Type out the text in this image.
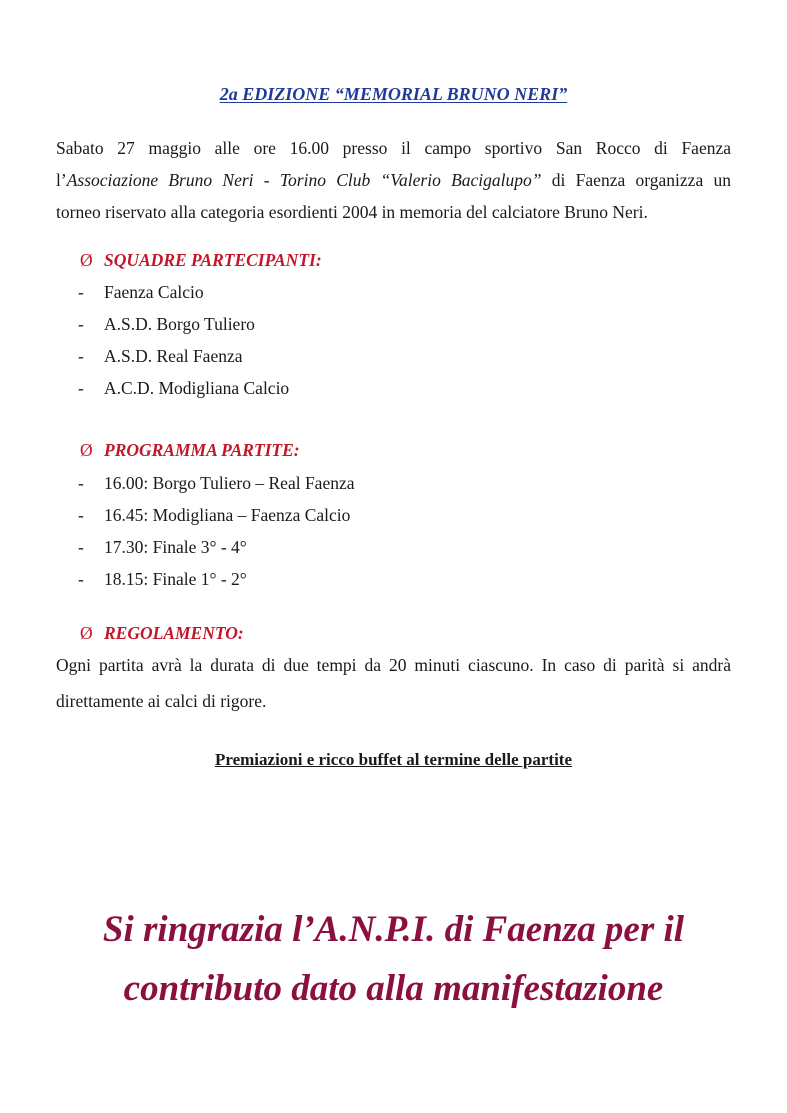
2a EDIZIONE “MEMORIAL BRUNO NERI”
Sabato 27 maggio alle ore 16.00 presso il campo sportivo San Rocco di Faenza
l’Associazione Bruno Neri - Torino Club “Valerio Bacigalupo” di Faenza organizza un
torneo riservato alla categoria esordienti 2004 in memoria del calciatore Bruno Neri.
Ø SQUADRE PARTECIPANTI:
-	Faenza Calcio
-	A.S.D. Borgo Tuliero
-	A.S.D. Real Faenza
-	A.C.D. Modigliana Calcio
Ø PROGRAMMA PARTITE:
-	16.00: Borgo Tuliero – Real Faenza
-	16.45: Modigliana – Faenza Calcio
-	17.30: Finale 3° - 4°
-	18.15: Finale 1° - 2°
Ø REGOLAMENTO:
Ogni partita avrà la durata di due tempi da 20 minuti ciascuno. In caso di parità si andrà
direttamente ai calci di rigore.
Premiazioni e ricco buffet al termine delle partite
Si ringrazia l’A.N.P.I. di Faenza per il
contributo dato alla manifestazione
